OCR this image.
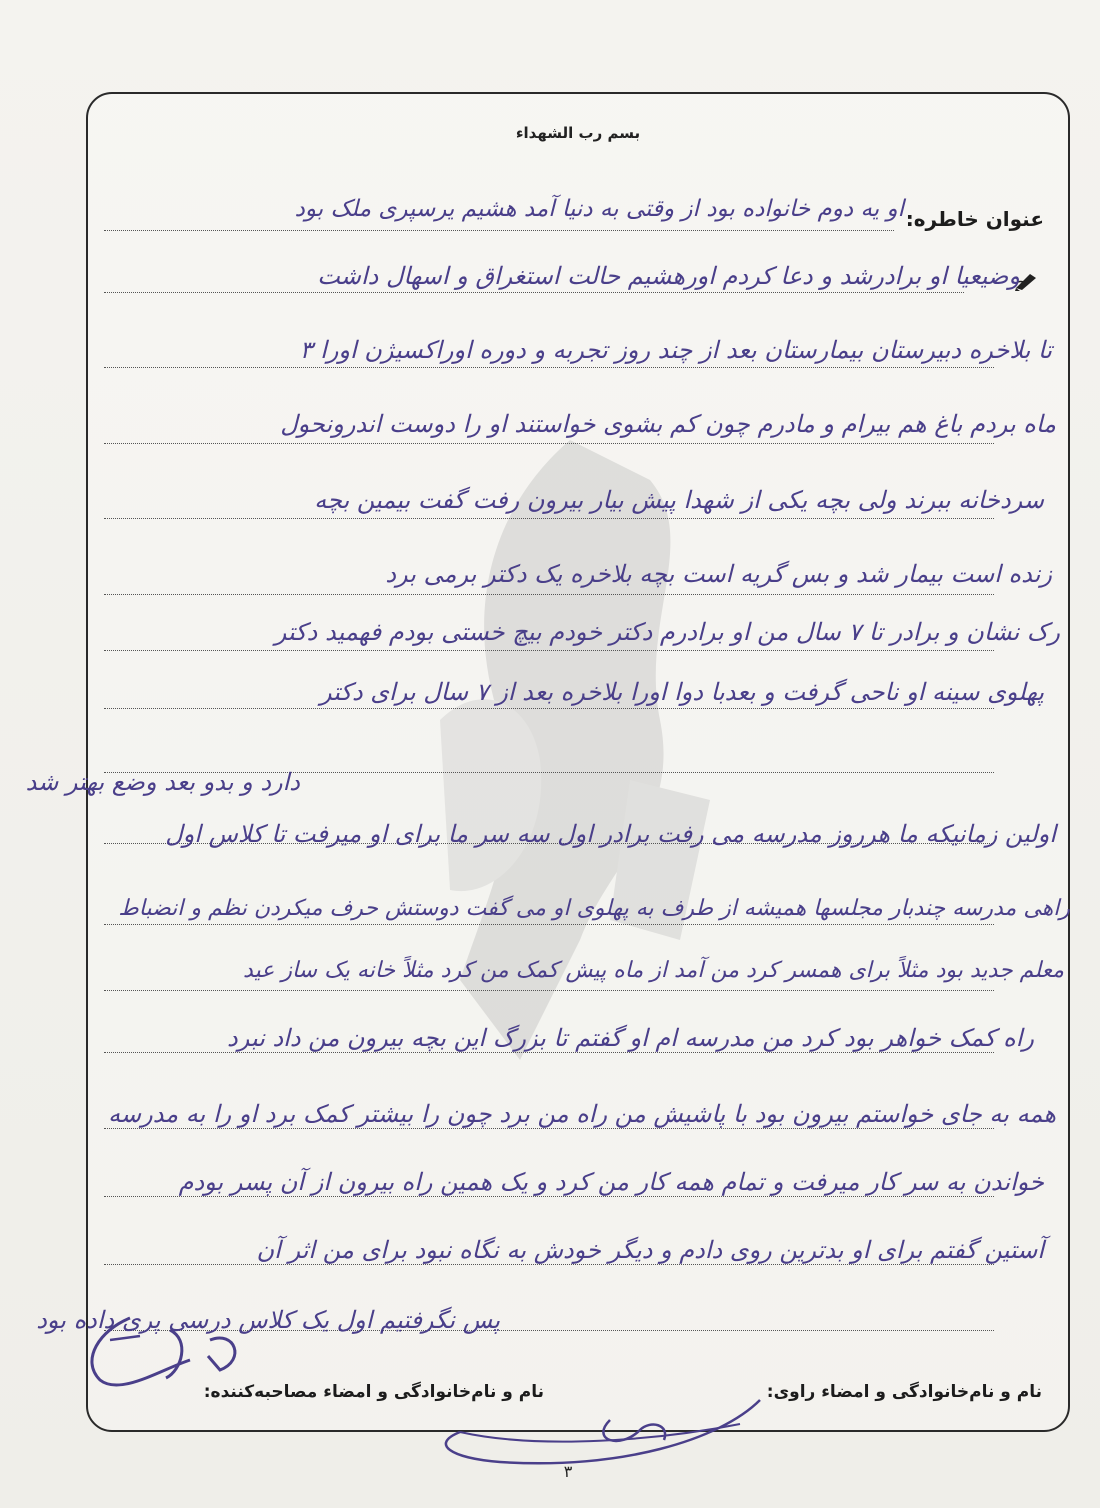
بسم رب الشهداء
عنوان خاطره:
او یه دوم خانواده بود از وقتی به دنیا آمد هشیم یرسپری ملک بود
وضیعیا او برادرشد و دعا کردم اورهشیم حالت استغراق و اسهال داشت
تا بلاخره دبیرستان بیمارستان بعد از چند روز تجربه و دوره اوراکسیژن اورا ۳
ماه بردم باغ هم بیرام و مادرم چون کم بشوی خواستند او را دوست اندرونحول
سردخانه ببرند ولی بچه یکی از شهدا پیش بیار بیرون رفت گفت بیمین بچه
زنده است بیمار شد و بس گریه است بچه بلاخره یک دکتر برمی برد
رک نشان و برادر تا ۷ سال من او برادرم دکتر خودم بیچ خستی بودم فهمید دکتر
پهلوی سینه او ناحی گرفت و بعدبا دوا اورا بلاخره بعد از ۷ سال برای دکتر
دارد و بدو بعد وضع بهتر شد
اولین زمانیکه ما هرروز مدرسه می رفت برادر اول سه سر ما برای او میرفت تا کلاس اول
راهی مدرسه چندبار مجلسها همیشه از طرف به پهلوی او می گفت دوستش حرف میکردن نظم و انضباط
معلم جدید بود مثلاً برای همسر کرد من آمد از ماه پیش کمک من کرد مثلاً خانه یک ساز عید
راه کمک خواهر بود کرد من مدرسه ام او گفتم تا بزرگ این بچه بیرون من داد نبرد
همه به جای خواستم بیرون بود با پاشیش من راه من برد چون را بیشتر کمک برد او را به مدرسه
خواندن به سر کار میرفت و تمام همه کار من کرد و یک همین راه بیرون از آن پسر بودم
آستین گفتم برای او بدترین روی دادم و دیگر خودش به نگاه نبود برای من اثر آن
پس نگرفتیم اول یک کلاس درسی پری داده بود
نام و نام‌خانوادگی و امضاء راوی:
نام و نام‌خانوادگی و امضاء مصاحبه‌کننده:
۳
